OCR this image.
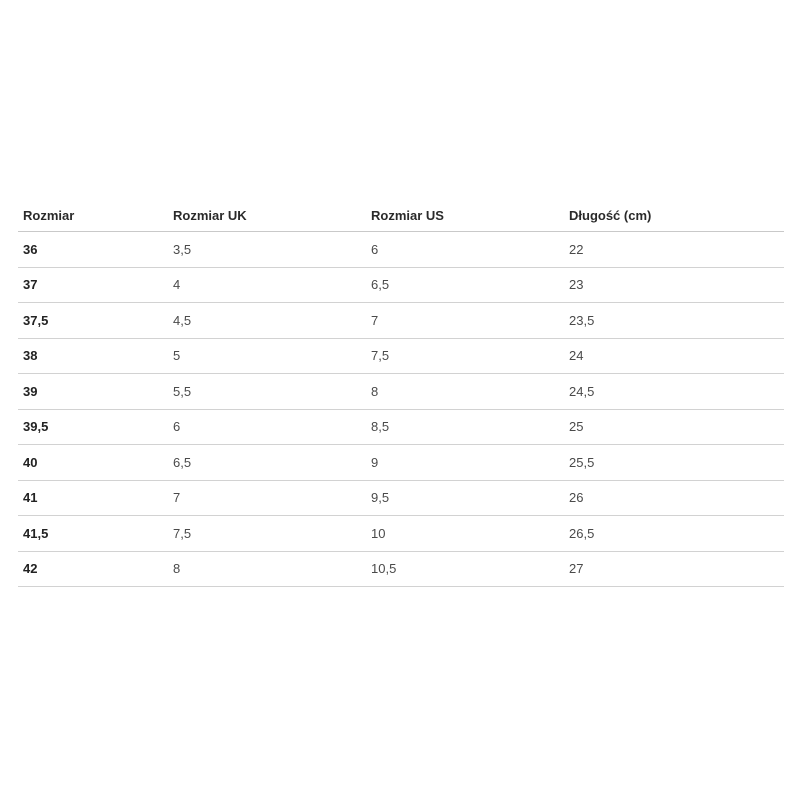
Rozmiar	Rozmiar UK	Rozmiar US	Długość (cm)
36	3,5	6	22
37	4	6,5	23
37,5	4,5	7	23,5
38	5	7,5	24
39	5,5	8	24,5
39,5	6	8,5	25
40	6,5	9	25,5
41	7	9,5	26
41,5	7,5	10	26,5
42	8	10,5	27
